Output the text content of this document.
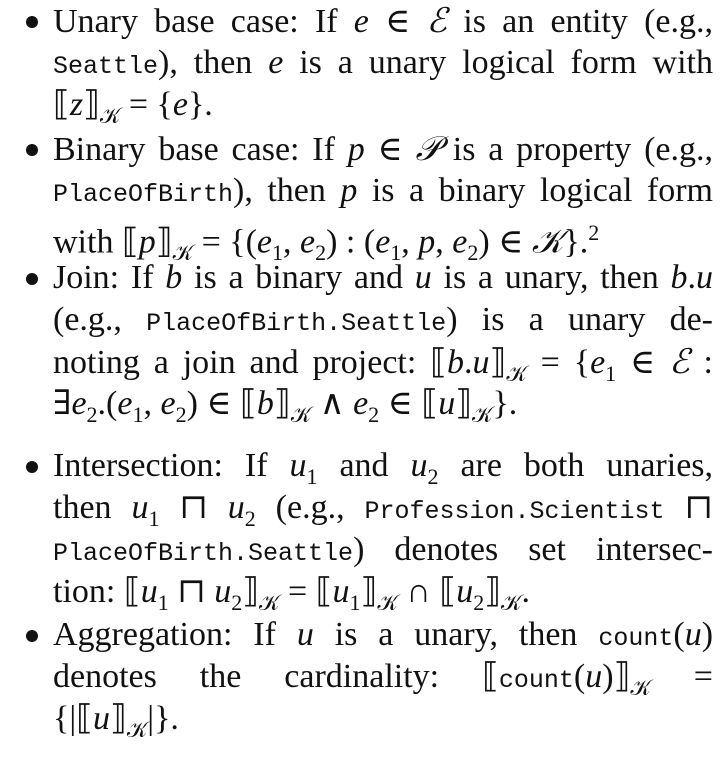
Unary base case: If e ∈ ℰ is an entity (e.g.,
Seattle), then e is a unary logical form with
$⟦z⟧_𝒦 = \{e\}$.
Binary base case: If p ∈ 𝒫 is a property (e.g.,
PlaceOfBirth), then p is a binary logical form
with $⟦p⟧_𝒦 = \{(e_1$, $e_2$) : ($e_1$, p, $e_2$) ∈ 𝒦}.$^2$
Join: If b is a binary and u is a unary, then b.u
(e.g., PlaceOfBirth.Seattle) is a unary de-
noting a join and project: $⟦b.u⟧_𝒦 = \{e_1$ ∈ ℰ :
$\exists e_2.(e_1$, $e_2$) ∈ $⟦b⟧_𝒦$ ∧ $e_2$ ∈ $⟦u⟧_𝒦$}.
Intersection: If $u_1$ and $u_2$ are both unaries,
then $u_1$ ⊓ $u_2$ (e.g., Profession.Scientist ⊓
PlaceOfBirth.Seattle) denotes set intersec-
tion: $⟦u_1$ ⊓ $u_2⟧_𝒦$ = $⟦u_1⟧_𝒦$ ∩ $⟦u_2⟧_𝒦$.
Aggregation: If u is a unary, then count(u)
denotes the cardinality: $⟦count(u)⟧_𝒦$ =
$\{|⟦u⟧_𝒦|\}$.
